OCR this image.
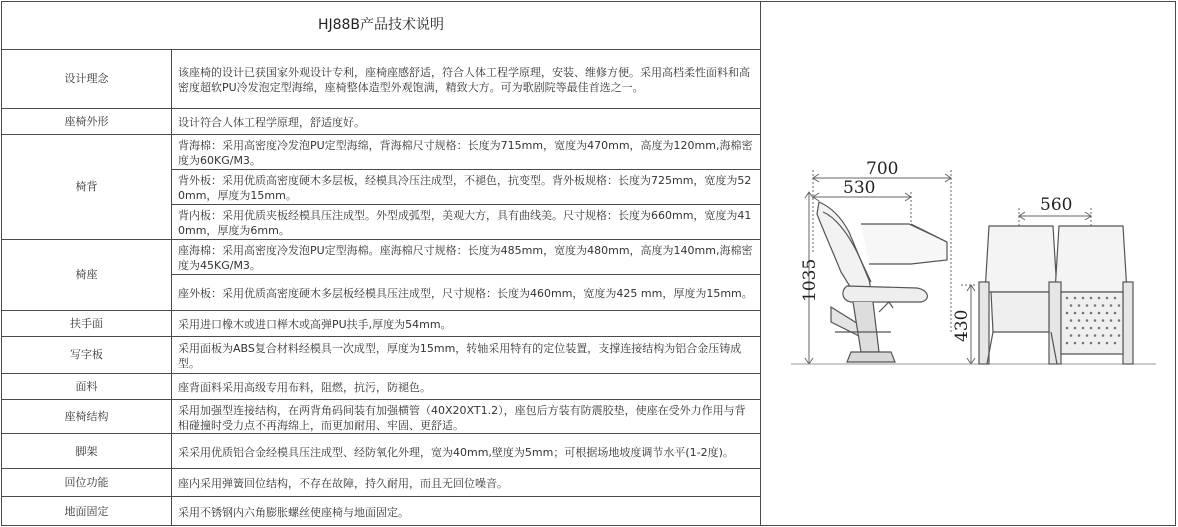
HJ88B产品技术说明	
设计理念	该座椅的设计已获国家外观设计专利，座椅座感舒适，符合人体工程学原理，安装、维修方便。采用高档柔性面料和高密度超软PU冷发泡定型海绵，座椅整体造型外观饱满，精致大方。可为歌剧院等最佳首选之一。
座椅外形	设计符合人体工程学原理，舒适度好。
椅背	背海棉：采用高密度冷发泡PU定型海绵，背海棉尺寸规格：长度为715mm，宽度为470mm，高度为120mm,海棉密度为60KG/M3。
	背外板：采用优质高密度硬木多层板，经模具冷压注成型，不褪色，抗变型。背外板规格：长度为725mm，宽度为520mm，厚度为15mm。
	背内板：采用优质夹板经模具压注成型。外型成弧型，美观大方，具有曲线美。尺寸规格：长度为660mm，宽度为410mm，厚度为6mm。
椅座	座海棉：采用高密度冷发泡PU定型海棉。座海棉尺寸规格：长度为485mm，宽度为480mm，高度为140mm,海棉密度为45KG/M3。
	座外板：采用优质高密度硬木多层板经模具压注成型，尺寸规格：长度为460mm，宽度为425 mm，厚度为15mm。
扶手面	采用进口橡木或进口榉木或高弹PU扶手,厚度为54mm。
写字板	采用面板为ABS复合材料经模具一次成型，厚度为15mm，转轴采用特有的定位装置，支撑连接结构为铝合金压铸成型。
面料	座背面料采用高级专用布料，阻燃，抗污，防褪色。
座椅结构	采用加强型连接结构，在两背角码间装有加强横管（40X20XT1.2），座包后方装有防震胶垫，使座在受外力作用与背相碰撞时受力点不再海绵上，而更加耐用、牢固、更舒适。
脚架	采采用优质铝合金经模具压注成型、经防氧化外理，宽为40mm,壁度为5mm；可根据场地坡度调节水平(1-2度)。
回位功能	座内采用弹簧回位结构，不存在故障，持久耐用，而且无回位噪音。
地面固定	采用不锈钢内六角膨胀螺丝使座椅与地面固定。
700
530
560
1035
430
